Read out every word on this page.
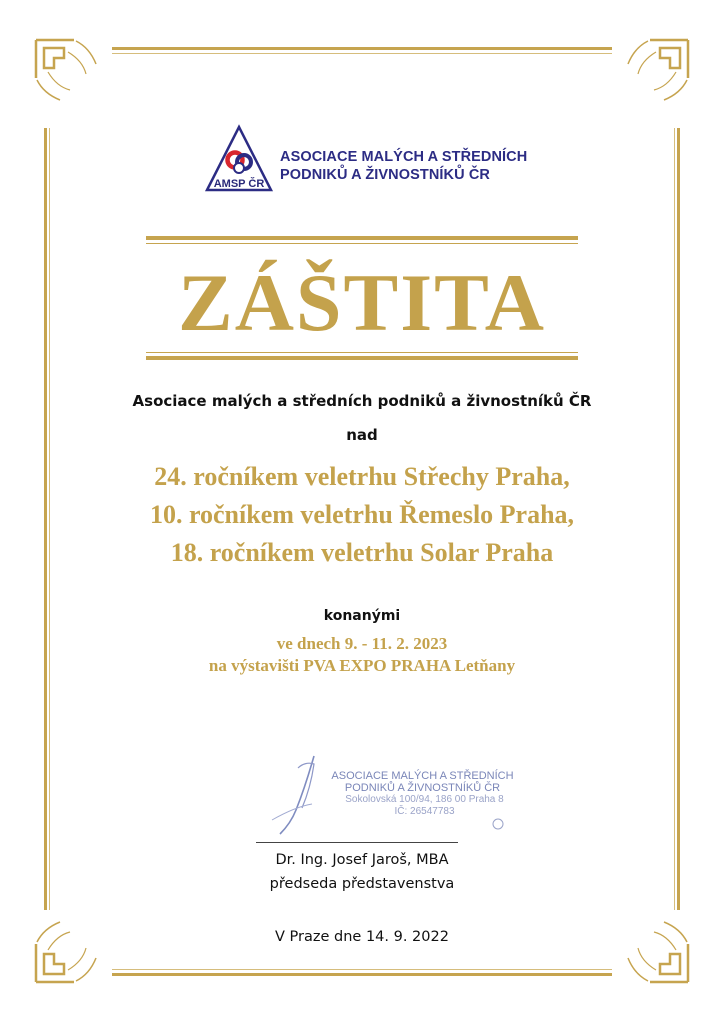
AMSP ČR
ASOCIACE MALÝCH A STŘEDNÍCH
PODNIKŮ A ŽIVNOSTNÍKŮ ČR
ZÁŠTITA
Asociace malých a středních podniků a živnostníků ČR
nad
24. ročníkem veletrhu Střechy Praha,
10. ročníkem veletrhu Řemeslo Praha,
18. ročníkem veletrhu Solar Praha
konanými
ve dnech 9. - 11. 2. 2023
na výstavišti PVA EXPO PRAHA Letňany
ASOCIACE MALÝCH A STŘEDNÍCH
PODNIKŮ A ŽIVNOSTNÍKŮ ČR
Sokolovská 100/94, 186 00 Praha 8
IČ: 26547783
Dr. Ing. Josef Jaroš, MBA
předseda představenstva
V Praze dne 14. 9. 2022
